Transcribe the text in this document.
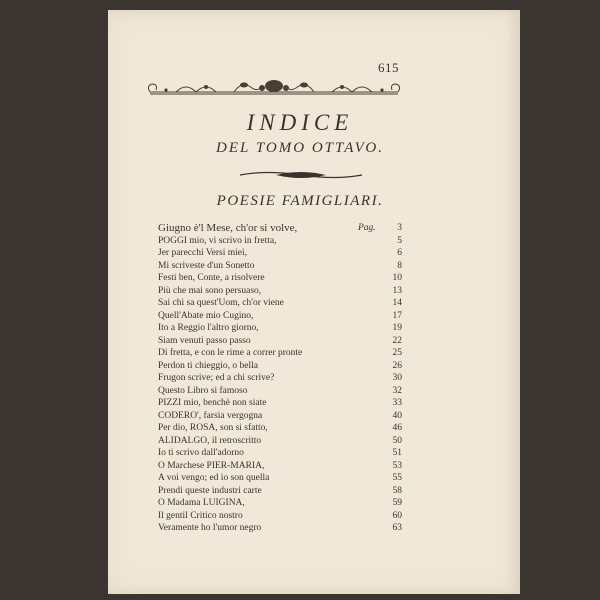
615
INDICE
DEL TOMO OTTAVO.
POESIE FAMIGLIARI.
Giugno è'l Mese, ch'or si volve,	Pag. 3
POGGI mio, vi scrivo in fretta,	5
Jer parecchi Versi miei,	6
Mi scriveste d'un Sonetto	8
Festi ben, Conte, a risolvere	10
Più che mai sono persuaso,	13
Sai chi sa quest'Uom, ch'or viene	14
Quell'Abate mio Cugino,	17
Ito a Reggio l'altro giorno,	19
Siam venuti passo passo	22
Di fretta, e con le rime a correr pronte	25
Perdon ti chieggio, o bella	26
Frugon scrive; ed a chi scrive?	30
Questo Libro si famoso	32
PIZZI mio, benchè non siate	33
CODERO', farsia vergogna	40
Per dio, ROSA, son si sfatto,	46
ALIDALGO, il retroscritto	50
Io ti scrivo dall'adorno	51
O Marchese PIER-MARIA,	53
A voi vengo; ed io son quella	55
Prendi queste industri carte	58
O Madama LUIGINA,	59
Il gentil Critico nostro	60
Veramente ho l'umor negro	63
